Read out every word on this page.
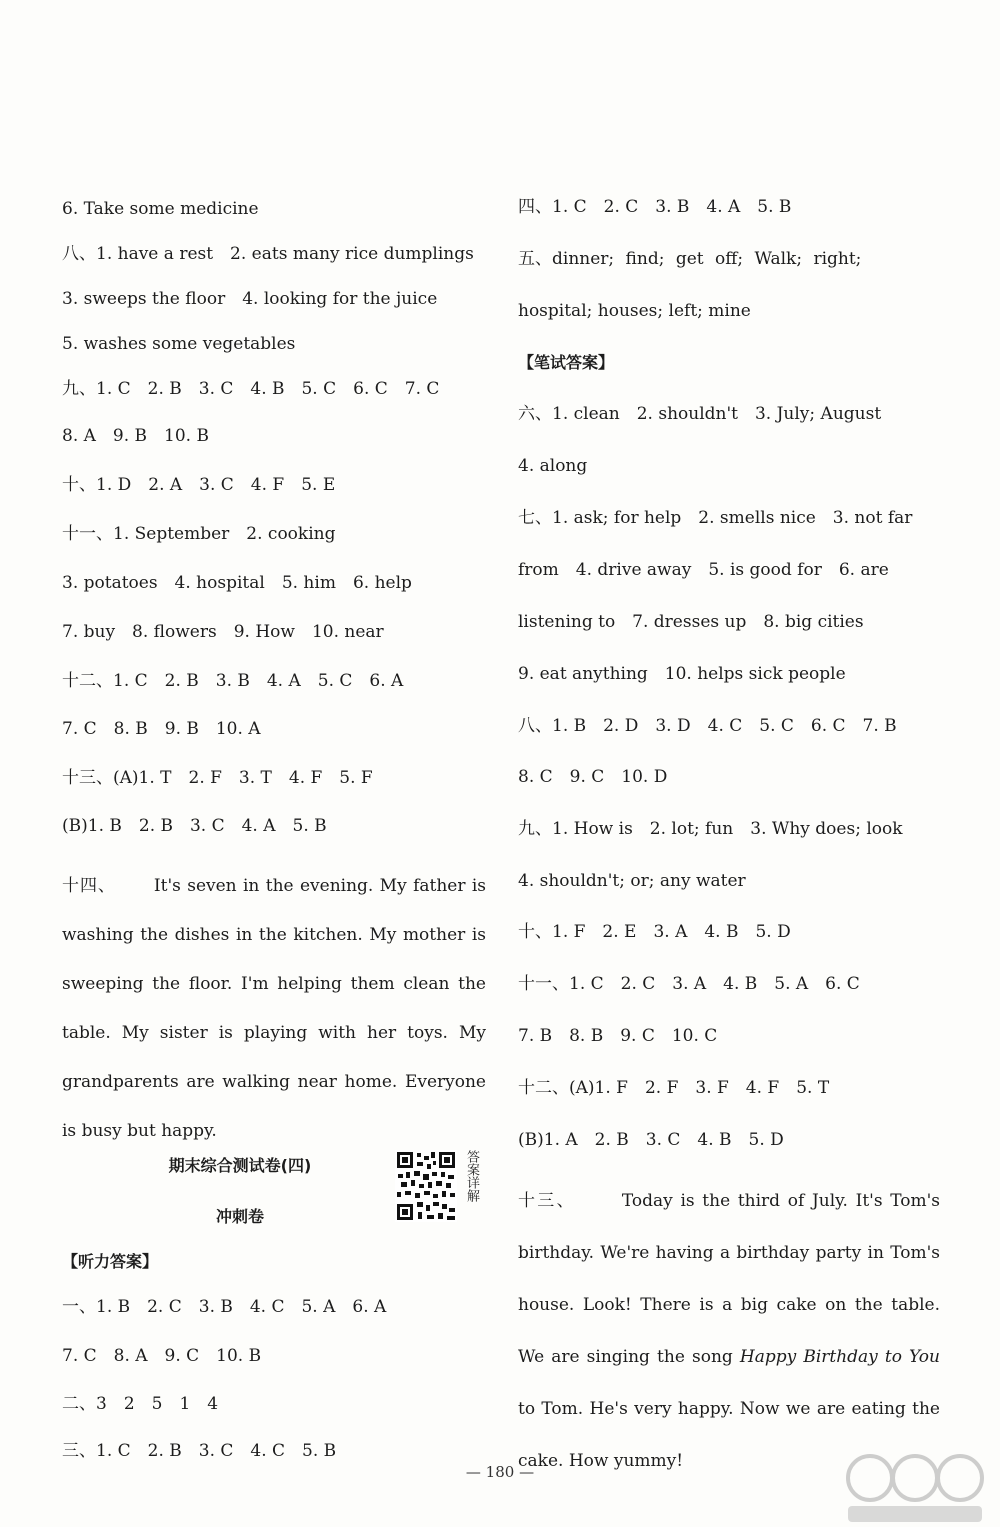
6. Take some medicine
八、1. have a rest　2. eats many rice dumplings
3. sweeps the floor　4. looking for the juice
5. washes some vegetables
九、1. C　2. B　3. C　4. B　5. C　6. C　7. C
8. A　9. B　10. B
十、1. D　2. A　3. C　4. F　5. E
十一、1. September　2. cooking
3. potatoes　4. hospital　5. him　6. help
7. buy　8. flowers　9. How　10. near
十二、1. C　2. B　3. B　4. A　5. C　6. A
7. C　8. B　9. B　10. A
十三、(A)1. T　2. F　3. T　4. F　5. F
(B)1. B　2. B　3. C　4. A　5. B
十四、 It's seven in the evening. My father is washing the dishes in the kitchen. My mother is sweeping the floor. I'm helping them clean the table. My sister is playing with her toys. My grandparents are walking near home. Everyone is busy but happy.
期末综合测试卷(四)
冲刺卷
答案详解
【听力答案】
一、1. B　2. C　3. B　4. C　5. A　6. A
7. C　8. A　9. C　10. B
二、3　2　5　1　4
三、1. C　2. B　3. C　4. C　5. B
四、1. C　2. C　3. B　4. A　5. B
五、dinner; find; get off; Walk; right;
hospital; houses; left; mine
【笔试答案】
六、1. clean　2. shouldn't　3. July; August
4. along
七、1. ask; for help　2. smells nice　3. not far
from　4. drive away　5. is good for　6. are
listening to　7. dresses up　8. big cities
9. eat anything　10. helps sick people
八、1. B　2. D　3. D　4. C　5. C　6. C　7. B
8. C　9. C　10. D
九、1. How is　2. lot; fun　3. Why does; look
4. shouldn't; or; any water
十、1. F　2. E　3. A　4. B　5. D
十一、1. C　2. C　3. A　4. B　5. A　6. C
7. B　8. B　9. C　10. C
十二、(A)1. F　2. F　3. F　4. F　5. T
(B)1. A　2. B　3. C　4. B　5. D
十三、	Today is the third of July. It's Tom's birthday. We're having a birthday party in Tom's house. Look! There is a big cake on the table. We are singing the song Happy Birthday to You to Tom. He's very happy. Now we are eating the cake. How yummy!
— 180 —
